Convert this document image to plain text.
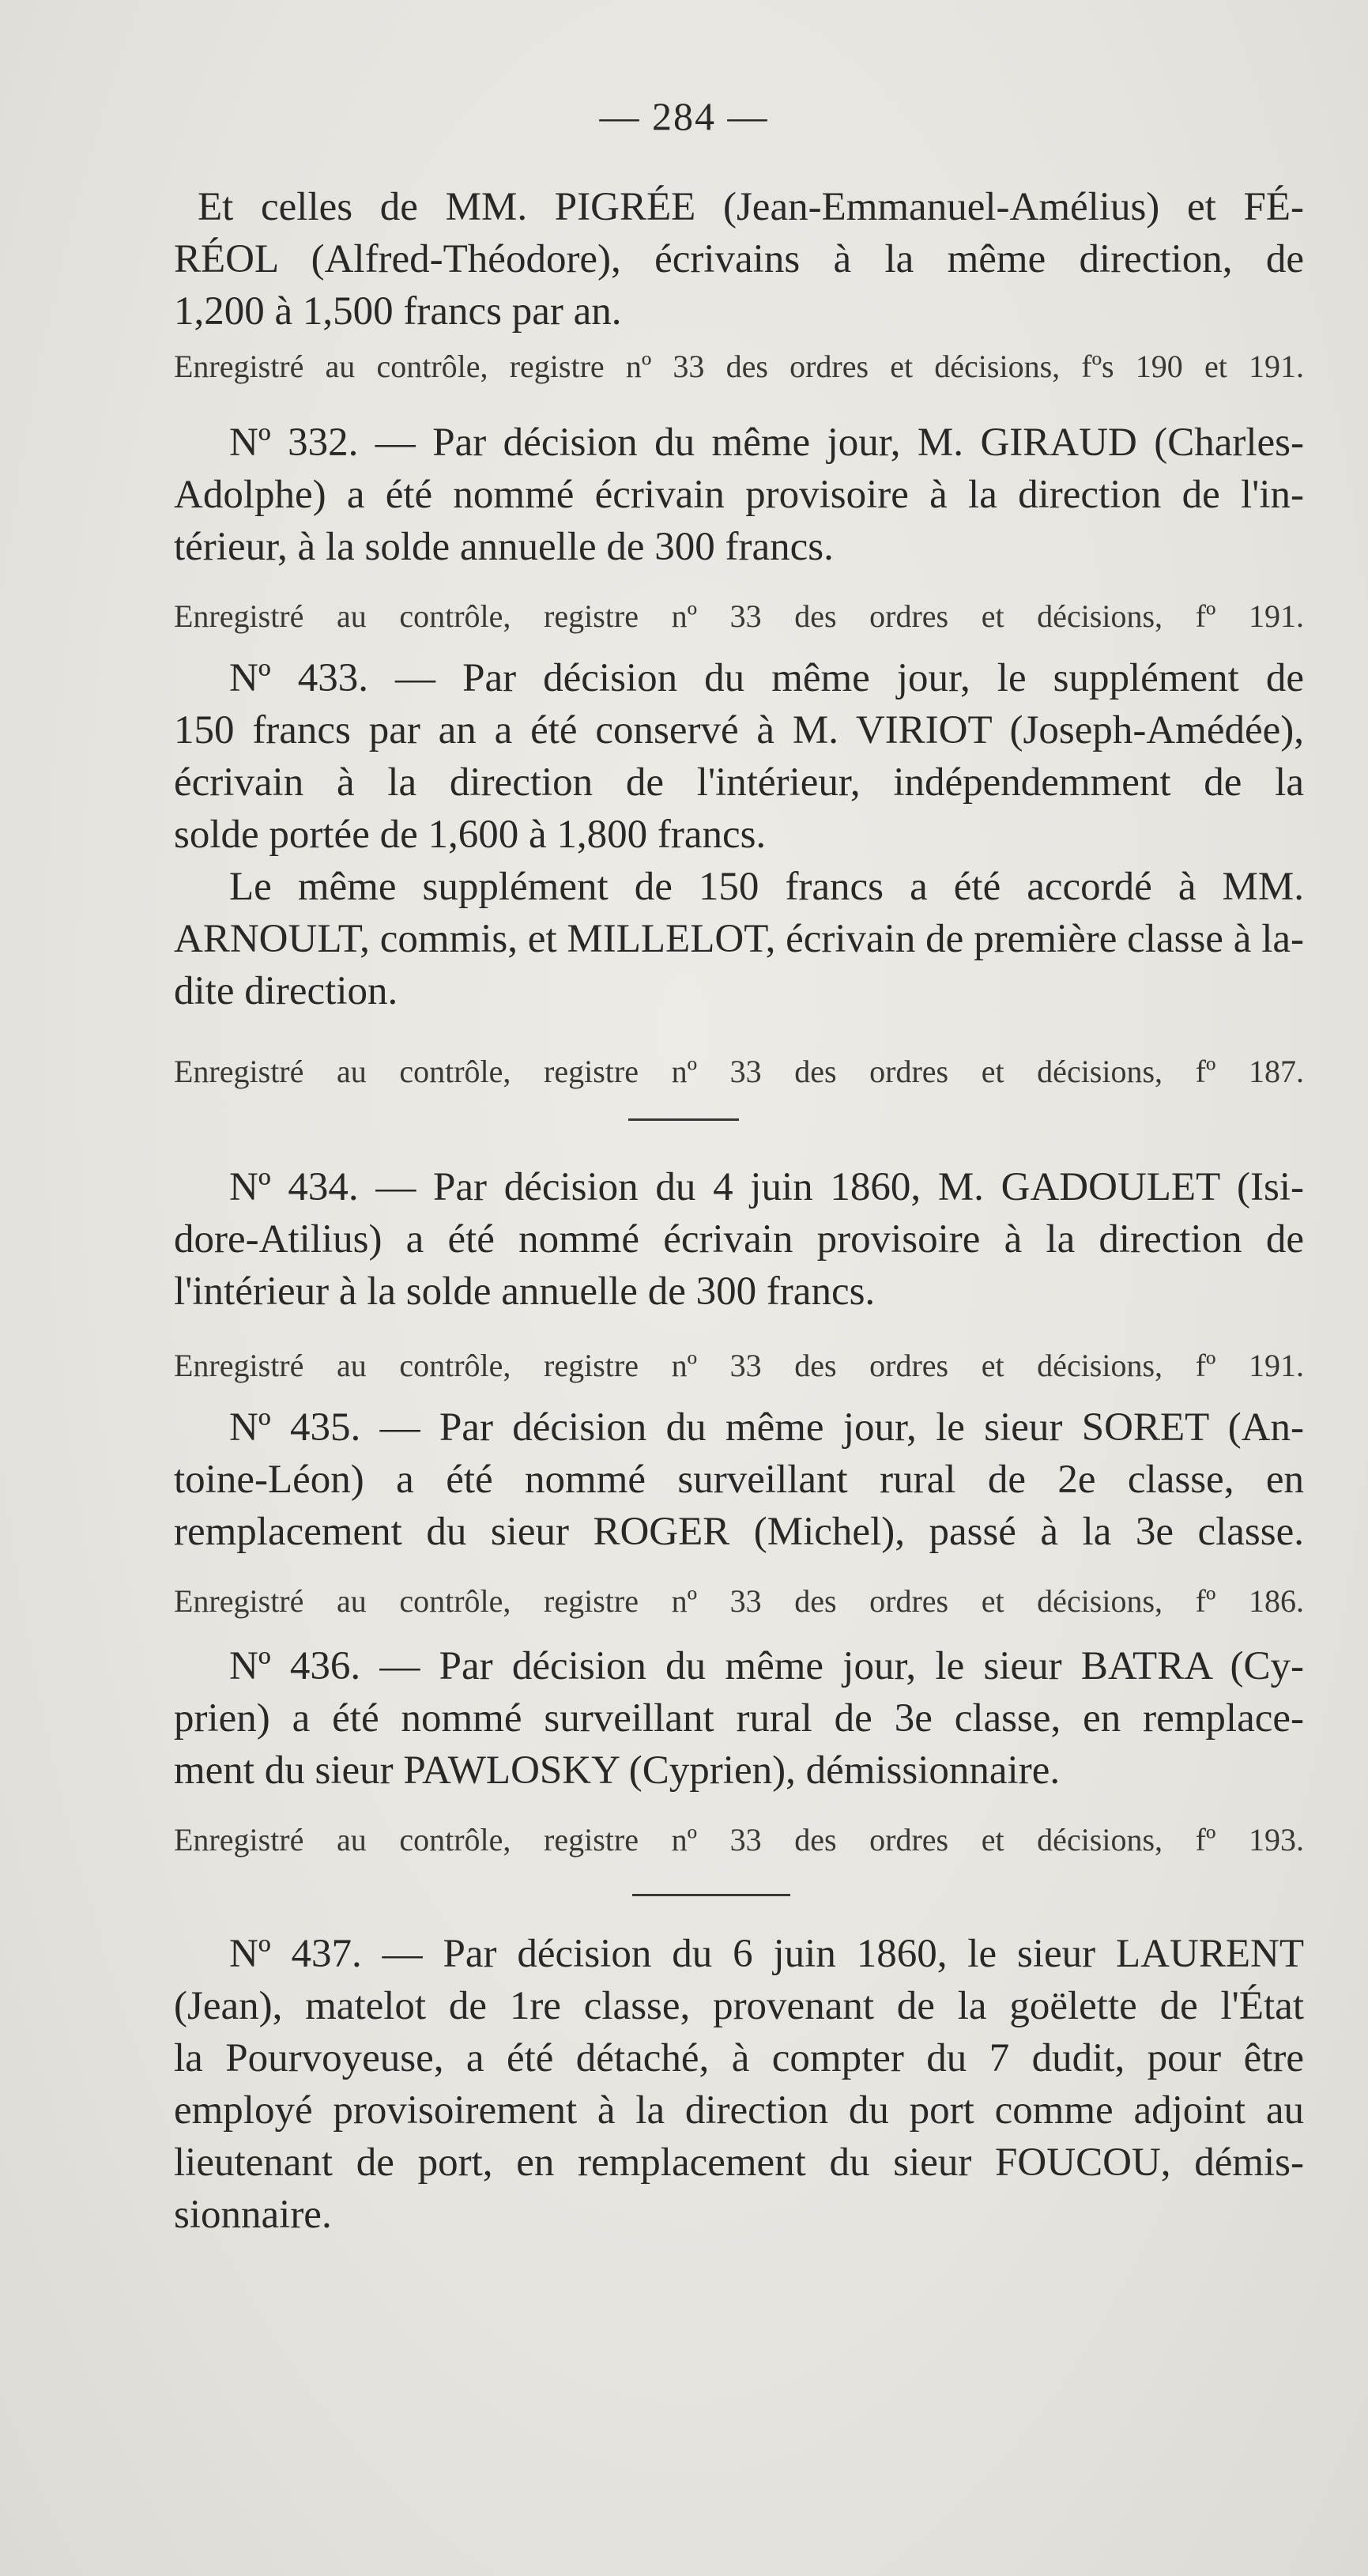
— 284 —
Et celles de MM. PIGRÉE (Jean-Emmanuel-Amélius) et FÉ-
RÉOL (Alfred-Théodore), écrivains à la même direction, de
1,200 à 1,500 francs par an.
Enregistré au contrôle, registre nº 33 des ordres et décisions, fºs 190 et 191.
Nº 332. — Par décision du même jour, M. GIRAUD (Charles-
Adolphe) a été nommé écrivain provisoire à la direction de l'in-
térieur, à la solde annuelle de 300 francs.
Enregistré au contrôle, registre nº 33 des ordres et décisions, fº 191.
Nº 433. — Par décision du même jour, le supplément de
150 francs par an a été conservé à M. VIRIOT (Joseph-Amédée),
écrivain à la direction de l'intérieur, indépendemment de la
solde portée de 1,600 à 1,800 francs.
Le même supplément de 150 francs a été accordé à MM.
ARNOULT, commis, et MILLELOT, écrivain de première classe à la-
dite direction.
Enregistré au contrôle, registre nº 33 des ordres et décisions, fº 187.
Nº 434. — Par décision du 4 juin 1860, M. GADOULET (Isi-
dore-Atilius) a été nommé écrivain provisoire à la direction de
l'intérieur à la solde annuelle de 300 francs.
Enregistré au contrôle, registre nº 33 des ordres et décisions, fº 191.
Nº 435. — Par décision du même jour, le sieur SORET (An-
toine-Léon) a été nommé surveillant rural de 2e classe, en
remplacement du sieur ROGER (Michel), passé à la 3e classe.
Enregistré au contrôle, registre nº 33 des ordres et décisions, fº 186.
Nº 436. — Par décision du même jour, le sieur BATRA (Cy-
prien) a été nommé surveillant rural de 3e classe, en remplace-
ment du sieur PAWLOSKY (Cyprien), démissionnaire.
Enregistré au contrôle, registre nº 33 des ordres et décisions, fº 193.
Nº 437. — Par décision du 6 juin 1860, le sieur LAURENT
(Jean), matelot de 1re classe, provenant de la goëlette de l'État
la Pourvoyeuse, a été détaché, à compter du 7 dudit, pour être
employé provisoirement à la direction du port comme adjoint au
lieutenant de port, en remplacement du sieur FOUCOU, démis-
sionnaire.
